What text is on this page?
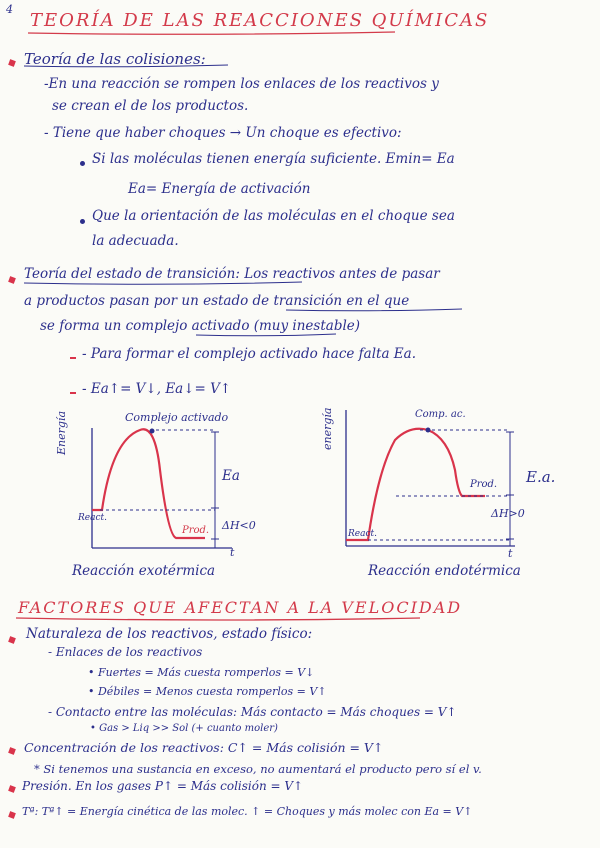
4
TEORÍA DE LAS REACCIONES QUÍMICAS
Teoría de las colisiones:
-En una reacción se rompen los enlaces de los reactivos y
se crean el de los productos.
- Tiene que haber choques → Un choque es efectivo:
Si las moléculas tienen energía suficiente. Emin= Ea
Ea= Energía de activación
Que la orientación de las moléculas en el choque sea
la adecuada.
Teoría del estado de transición: Los reactivos antes de pasar
a productos pasan por un estado de transición en el que
se forma un complejo activado (muy inestable)
- Para formar el complejo activado hace falta Ea.
- Ea↑= V↓, Ea↓= V↑
Energía	Complejo activado
React.
Prod.
Ea
ΔH<0
t
Reacción exotérmica
energía	Comp. ac.
React.
Prod. E.a.
ΔH>0
t
Reacción endotérmica
FACTORES QUE AFECTAN A LA VELOCIDAD
Naturaleza de los reactivos, estado físico:
- Enlaces de los reactivos
• Fuertes = Más cuesta romperlos = V↓
• Débiles = Menos cuesta romperlos = V↑
- Contacto entre las moléculas: Más contacto = Más choques = V↑
• Gas > Liq >> Sol (+ cuanto moler)
Concentración de los reactivos: C↑ = Más colisión = V↑
* Si tenemos una sustancia en exceso, no aumentará el producto pero sí el v.
Presión. En los gases P↑ = Más colisión = V↑
Tª: Tª↑ = Energía cinética de las molec. ↑ = Choques y más molec con Ea = V↑
